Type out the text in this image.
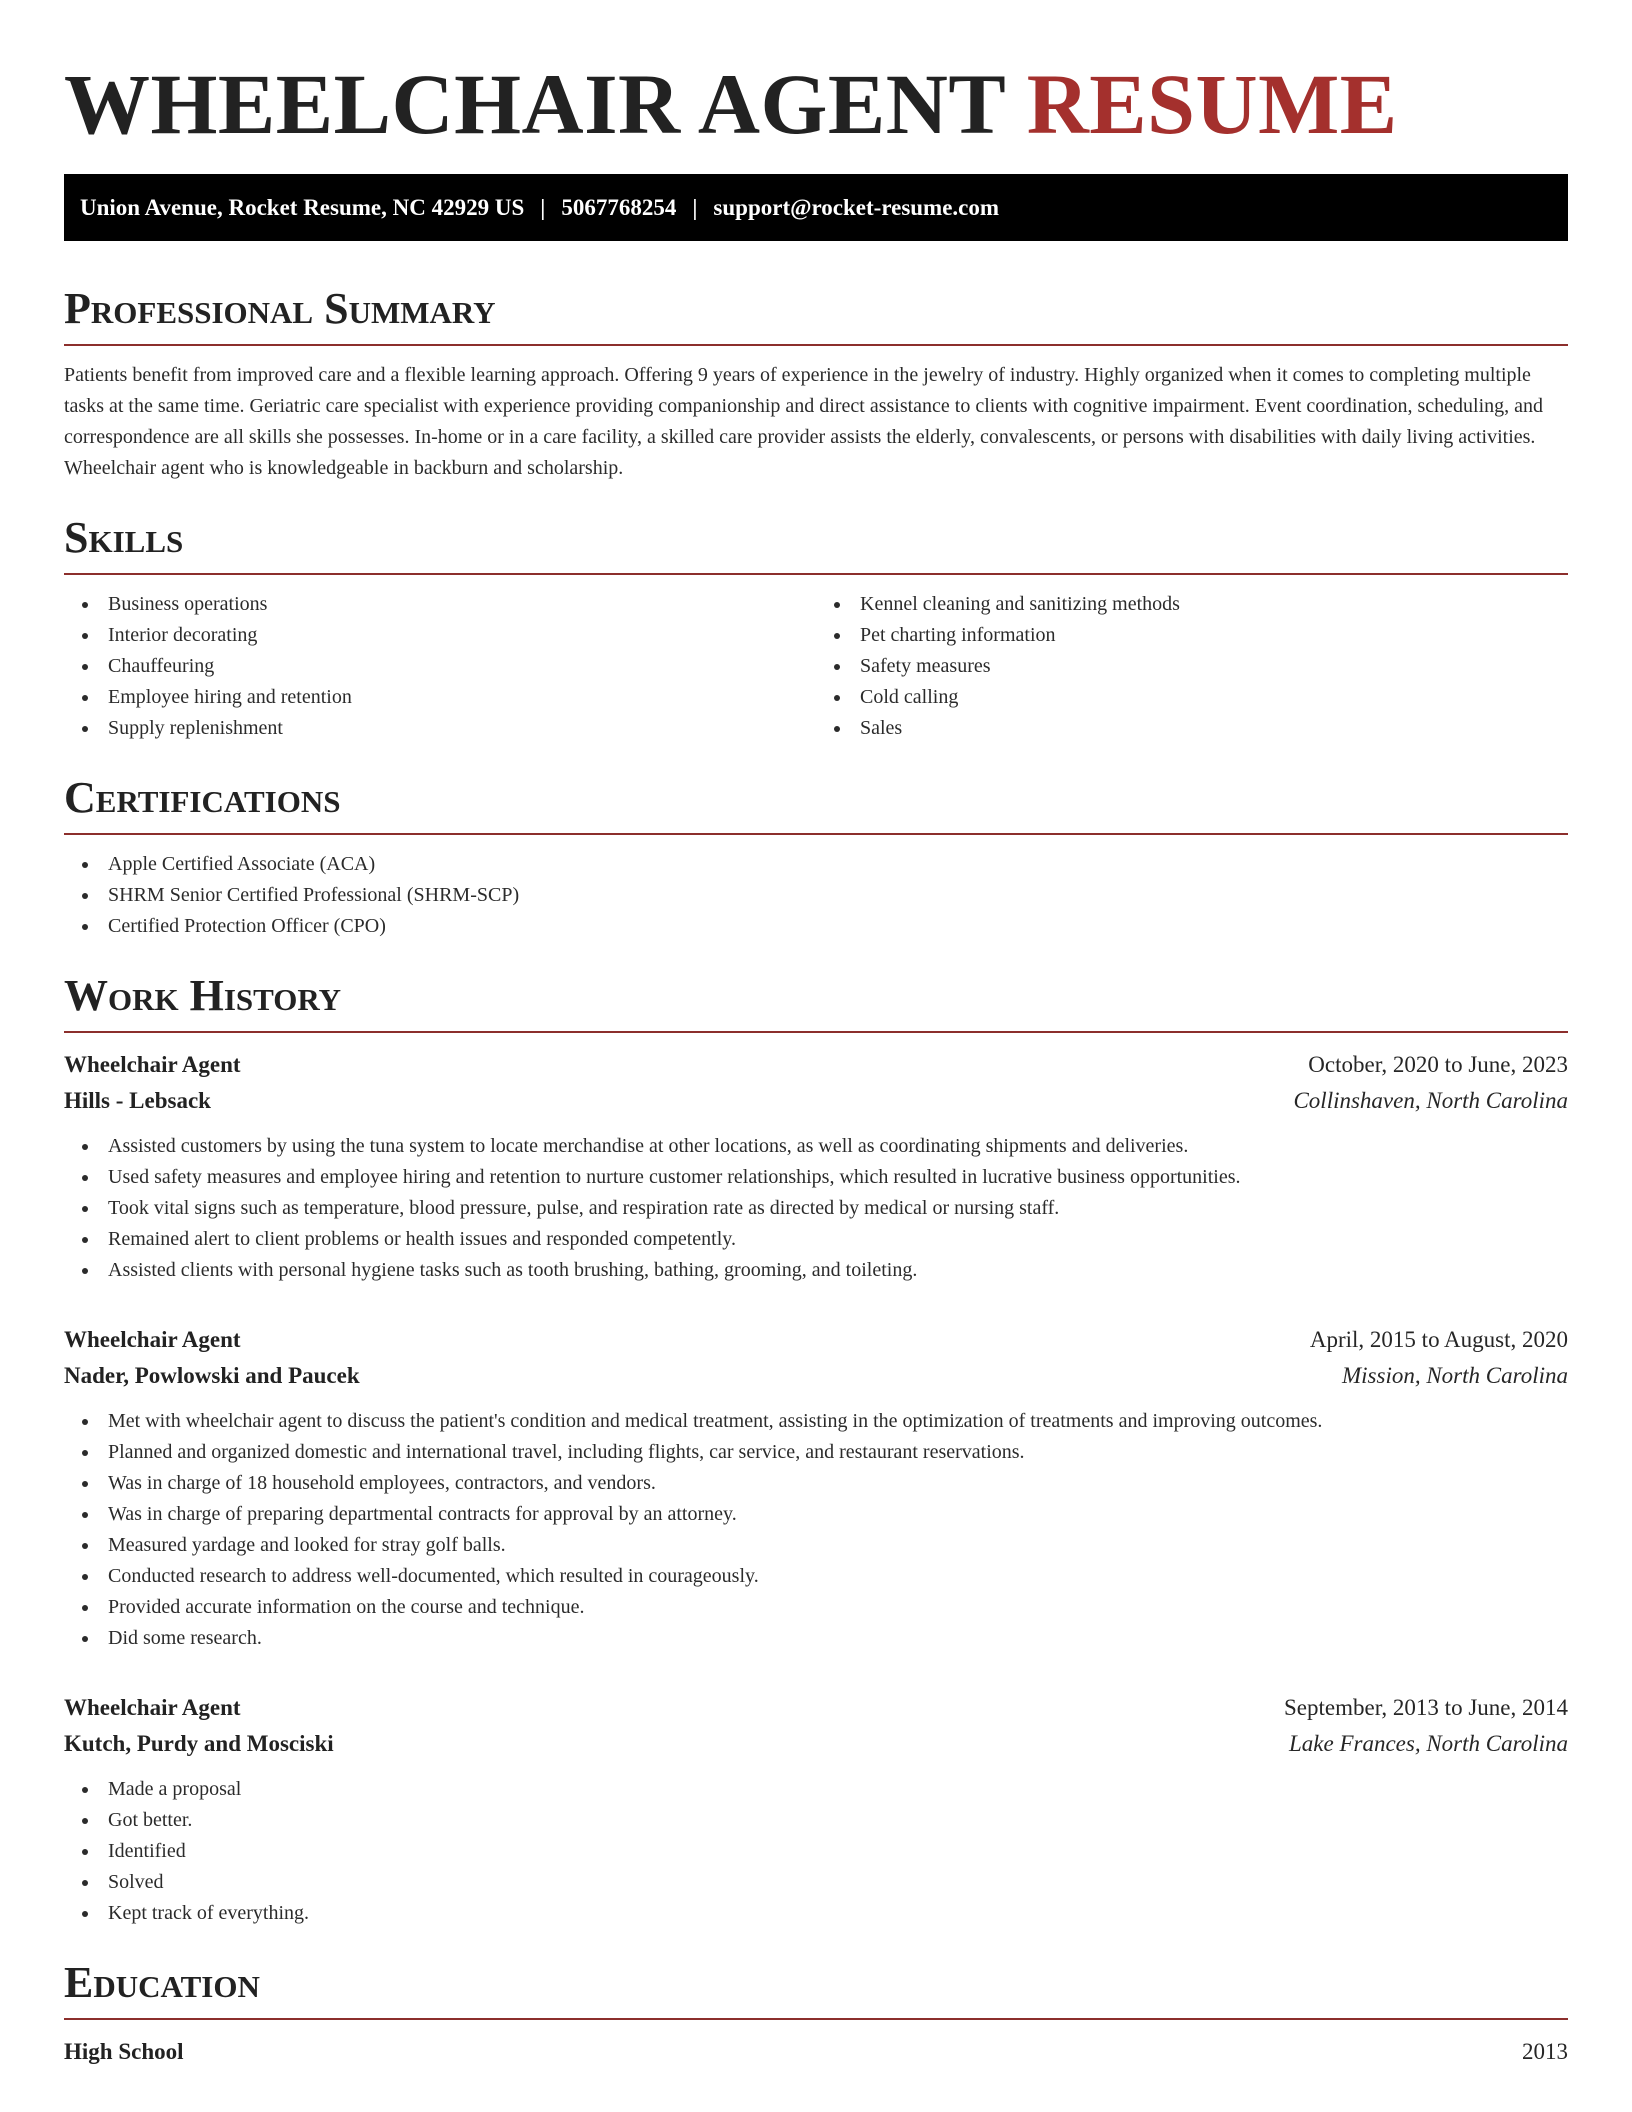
WHEELCHAIR AGENT RESUME
Union Avenue, Rocket Resume, NC 42929 US | 5067768254 | support@rocket-resume.com
Professional Summary
Patients benefit from improved care and a flexible learning approach. Offering 9 years of experience in the jewelry of industry. Highly organized when it comes to completing multiple tasks at the same time. Geriatric care specialist with experience providing companionship and direct assistance to clients with cognitive impairment. Event coordination, scheduling, and correspondence are all skills she possesses. In-home or in a care facility, a skilled care provider assists the elderly, convalescents, or persons with disabilities with daily living activities. Wheelchair agent who is knowledgeable in backburn and scholarship.
Skills
Business operations
Interior decorating
Chauffeuring
Employee hiring and retention
Supply replenishment
Kennel cleaning and sanitizing methods
Pet charting information
Safety measures
Cold calling
Sales
Certifications
Apple Certified Associate (ACA)
SHRM Senior Certified Professional (SHRM-SCP)
Certified Protection Officer (CPO)
Work History
Wheelchair Agent	October, 2020 to June, 2023
Hills - Lebsack	Collinshaven, North Carolina
Assisted customers by using the tuna system to locate merchandise at other locations, as well as coordinating shipments and deliveries.
Used safety measures and employee hiring and retention to nurture customer relationships, which resulted in lucrative business opportunities.
Took vital signs such as temperature, blood pressure, pulse, and respiration rate as directed by medical or nursing staff.
Remained alert to client problems or health issues and responded competently.
Assisted clients with personal hygiene tasks such as tooth brushing, bathing, grooming, and toileting.
Wheelchair Agent	April, 2015 to August, 2020
Nader, Powlowski and Paucek	Mission, North Carolina
Met with wheelchair agent to discuss the patient's condition and medical treatment, assisting in the optimization of treatments and improving outcomes.
Planned and organized domestic and international travel, including flights, car service, and restaurant reservations.
Was in charge of 18 household employees, contractors, and vendors.
Was in charge of preparing departmental contracts for approval by an attorney.
Measured yardage and looked for stray golf balls.
Conducted research to address well-documented, which resulted in courageously.
Provided accurate information on the course and technique.
Did some research.
Wheelchair Agent	September, 2013 to June, 2014
Kutch, Purdy and Mosciski	Lake Frances, North Carolina
Made a proposal
Got better.
Identified
Solved
Kept track of everything.
Education
High School	2013
